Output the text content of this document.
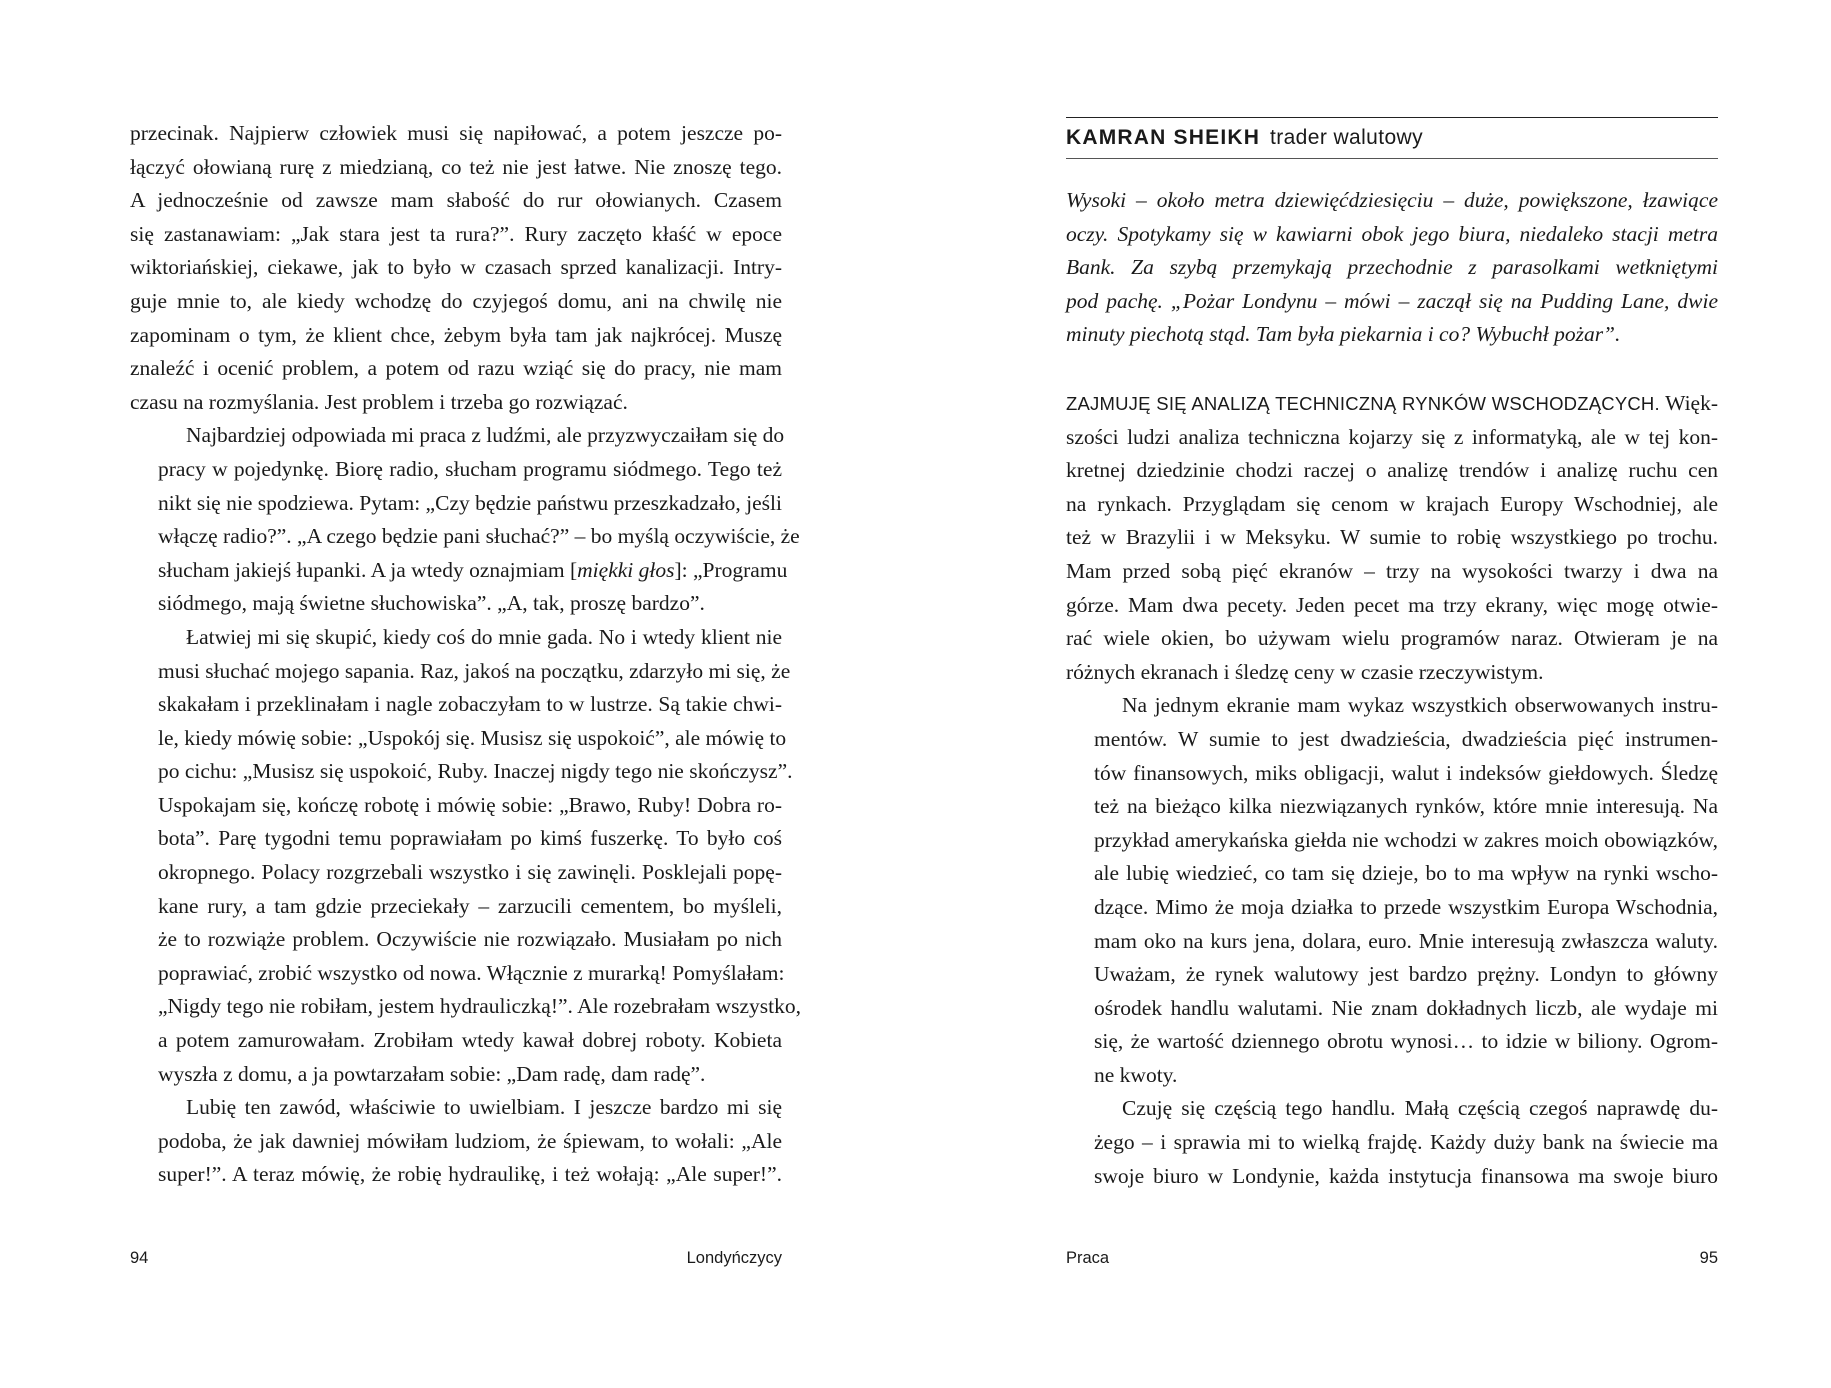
przecinak. Najpierw człowiek musi się napiłować, a potem jeszcze po-
łączyć ołowianą rurę z miedzianą, co też nie jest łatwe. Nie znoszę tego.
A jednocześnie od zawsze mam słabość do rur ołowianych. Czasem
się zastanawiam: „Jak stara jest ta rura?”. Rury zaczęto kłaść w epoce
wiktoriańskiej, ciekawe, jak to było w czasach sprzed kanalizacji. Intry-
guje mnie to, ale kiedy wchodzę do czyjegoś domu, ani na chwilę nie
zapominam o tym, że klient chce, żebym była tam jak najkrócej. Muszę
znaleźć i ocenić problem, a potem od razu wziąć się do pracy, nie mam
czasu na rozmyślania. Jest problem i trzeba go rozwiązać.

Najbardziej odpowiada mi praca z ludźmi, ale przyzwyczaiłam się do
pracy w pojedynkę. Biorę radio, słucham programu siódmego. Tego też
nikt się nie spodziewa. Pytam: „Czy będzie państwu przeszkadzało, jeśli
włączę radio?”. „A czego będzie pani słuchać?” – bo myślą oczywiście, że
słucham jakiejś łupanki. A ja wtedy oznajmiam [miękki głos]: „Programu
siódmego, mają świetne słuchowiska”. „A, tak, proszę bardzo”.

Łatwiej mi się skupić, kiedy coś do mnie gada. No i wtedy klient nie
musi słuchać mojego sapania. Raz, jakoś na początku, zdarzyło mi się, że
skakałam i przeklinałam i nagle zobaczyłam to w lustrze. Są takie chwi-
le, kiedy mówię sobie: „Uspokój się. Musisz się uspokoić”, ale mówię to
po cichu: „Musisz się uspokoić, Ruby. Inaczej nigdy tego nie skończysz”.
Uspokajam się, kończę robotę i mówię sobie: „Brawo, Ruby! Dobra ro-
bota”. Parę tygodni temu poprawiałam po kimś fuszerkę. To było coś
okropnego. Polacy rozgrzebali wszystko i się zawinęli. Posklejali popę-
kane rury, a tam gdzie przeciekały – zarzucili cementem, bo myśleli,
że to rozwiąże problem. Oczywiście nie rozwiązało. Musiałam po nich
poprawiać, zrobić wszystko od nowa. Włącznie z murarką! Pomyślałam:
„Nigdy tego nie robiłam, jestem hydrauliczką!”. Ale rozebrałam wszystko,
a potem zamurowałam. Zrobiłam wtedy kawał dobrej roboty. Kobieta
wyszła z domu, a ja powtarzałam sobie: „Dam radę, dam radę”.

Lubię ten zawód, właściwie to uwielbiam. I jeszcze bardzo mi się
podoba, że jak dawniej mówiłam ludziom, że śpiewam, to wołali: „Ale
super!”. A teraz mówię, że robię hydraulikę, i też wołają: „Ale super!”.

94	Londyńczycy
KAMRAN SHEIKH trader walutowy

Wysoki – około metra dziewięćdziesięciu – duże, powiększone, łzawiące
oczy. Spotykamy się w kawiarni obok jego biura, niedaleko stacji metra
Bank. Za szybą przemykają przechodnie z parasolkami wetkniętymi
pod pachę. „Pożar Londynu – mówi – zaczął się na Pudding Lane, dwie
minuty piechotą stąd. Tam była piekarnia i co? Wybuchł pożar”.

ZAJMUJĘ SIĘ ANALIZĄ TECHNICZNĄ RYNKÓW WSCHODZĄCYCH. Więk-
szości ludzi analiza techniczna kojarzy się z informatyką, ale w tej kon-
kretnej dziedzinie chodzi raczej o analizę trendów i analizę ruchu cen
na rynkach. Przyglądam się cenom w krajach Europy Wschodniej, ale
też w Brazylii i w Meksyku. W sumie to robię wszystkiego po trochu.
Mam przed sobą pięć ekranów – trzy na wysokości twarzy i dwa na
górze. Mam dwa pecety. Jeden pecet ma trzy ekrany, więc mogę otwie-
rać wiele okien, bo używam wielu programów naraz. Otwieram je na
różnych ekranach i śledzę ceny w czasie rzeczywistym.

Na jednym ekranie mam wykaz wszystkich obserwowanych instru-
mentów. W sumie to jest dwadzieścia, dwadzieścia pięć instrumen-
tów finansowych, miks obligacji, walut i indeksów giełdowych. Śledzę
też na bieżąco kilka niezwiązanych rynków, które mnie interesują. Na
przykład amerykańska giełda nie wchodzi w zakres moich obowiązków,
ale lubię wiedzieć, co tam się dzieje, bo to ma wpływ na rynki wscho-
dzące. Mimo że moja działka to przede wszystkim Europa Wschodnia,
mam oko na kurs jena, dolara, euro. Mnie interesują zwłaszcza waluty.
Uważam, że rynek walutowy jest bardzo prężny. Londyn to główny
ośrodek handlu walutami. Nie znam dokładnych liczb, ale wydaje mi
się, że wartość dziennego obrotu wynosi… to idzie w biliony. Ogrom-
ne kwoty.

Czuję się częścią tego handlu. Małą częścią czegoś naprawdę du-
żego – i sprawia mi to wielką frajdę. Każdy duży bank na świecie ma
swoje biuro w Londynie, każda instytucja finansowa ma swoje biuro

Praca	95
